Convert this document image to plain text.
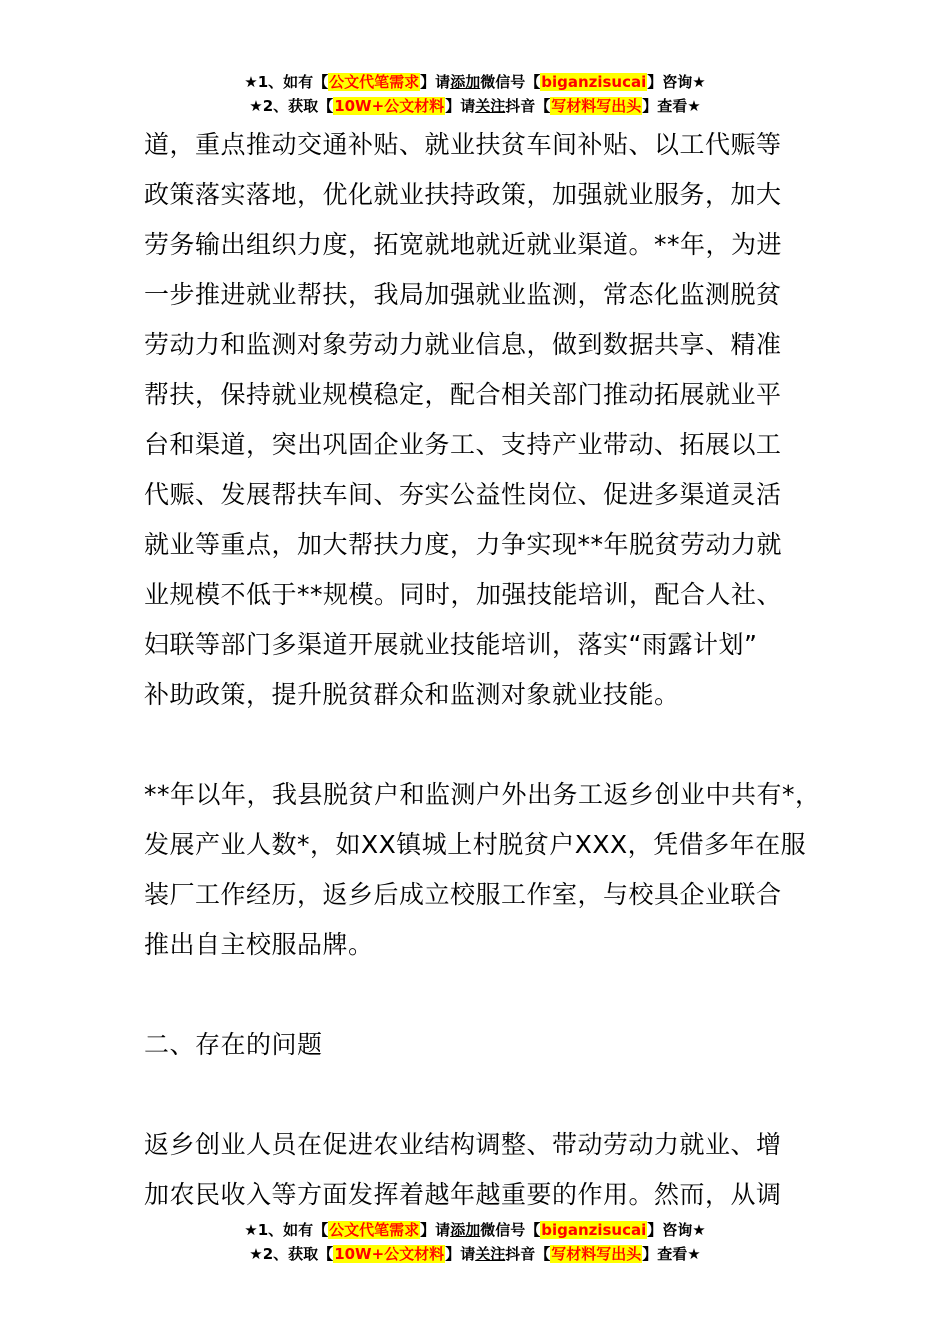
★1、如有【公文代笔需求】请添加微信号【biganzisucai】咨询★
★2、获取【10W+公文材料】请关注抖音【写材料写出头】查看★

道，重点推动交通补贴、就业扶贫车间补贴、以工代赈等

政策落实落地，优化就业扶持政策，加强就业服务，加大

劳务输出组织力度，拓宽就地就近就业渠道。**年，为进

一步推进就业帮扶，我局加强就业监测，常态化监测脱贫

劳动力和监测对象劳动力就业信息，做到数据共享、精准

帮扶，保持就业规模稳定，配合相关部门推动拓展就业平

台和渠道，突出巩固企业务工、支持产业带动、拓展以工

代赈、发展帮扶车间、夯实公益性岗位、促进多渠道灵活

就业等重点，加大帮扶力度，力争实现**年脱贫劳动力就

业规模不低于**规模。同时，加强技能培训，配合人社、

妇联等部门多渠道开展就业技能培训，落实“雨露计划”

补助政策，提升脱贫群众和监测对象就业技能。

**年以年，我县脱贫户和监测户外出务工返乡创业中共有*，

发展产业人数*，如XX镇城上村脱贫户XXX，凭借多年在服

装厂工作经历，返乡后成立校服工作室，与校具企业联合

推出自主校服品牌。

二、存在的问题

返乡创业人员在促进农业结构调整、带动劳动力就业、增

加农民收入等方面发挥着越年越重要的作用。然而，从调

★1、如有【公文代笔需求】请添加微信号【biganzisucai】咨询★
★2、获取【10W+公文材料】请关注抖音【写材料写出头】查看★
